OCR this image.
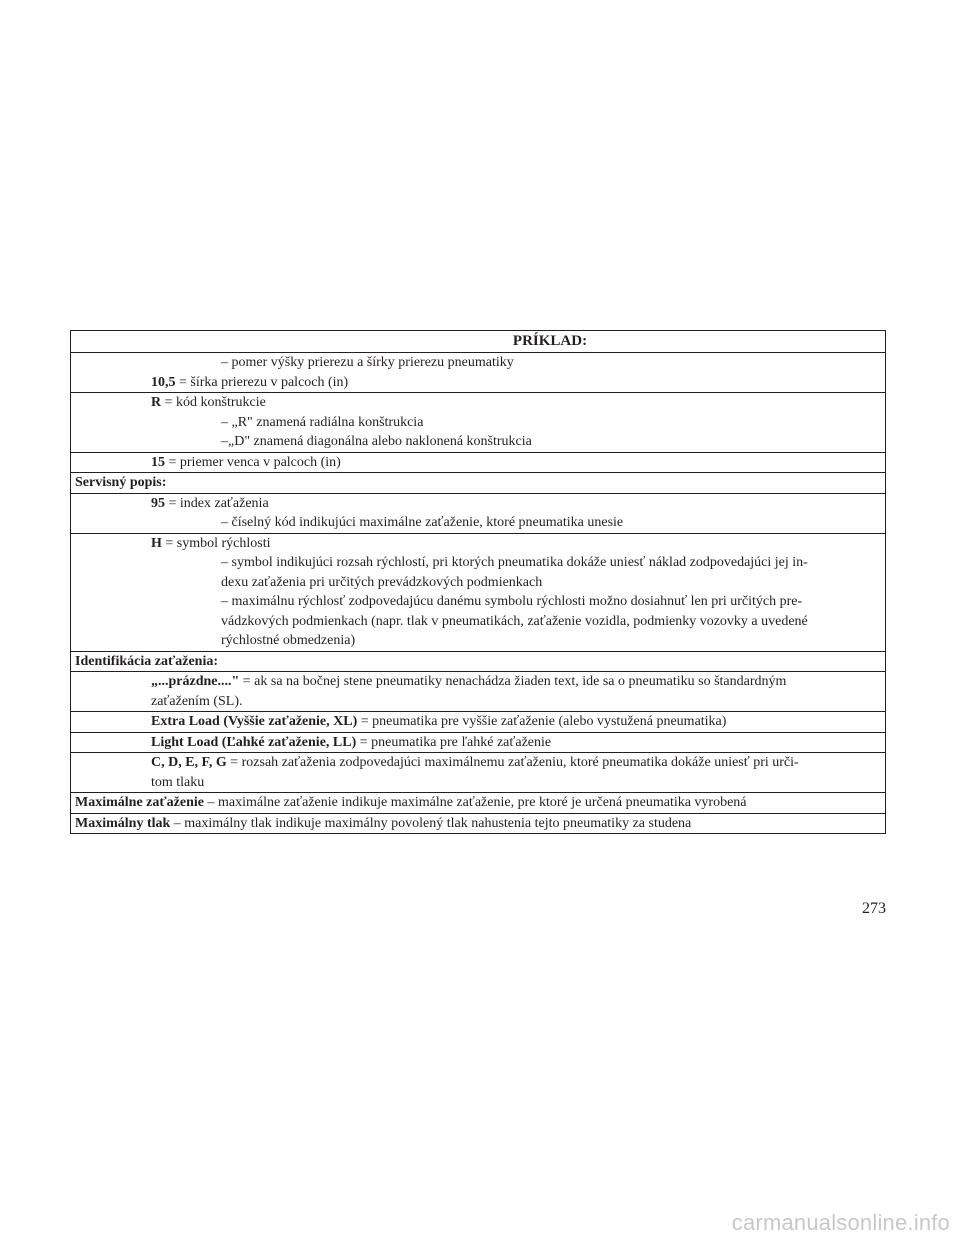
PRÍKLAD:
– pomer výšky prierezu a šírky prierezu pneumatiky
10,5 = šírka prierezu v palcoch (in)
R = kód konštrukcie
– „R" znamená radiálna konštrukcia
–„D" znamená diagonálna alebo naklonená konštrukcia
15 = priemer venca v palcoch (in)
Servisný popis:
95 = index zaťaženia
– číselný kód indikujúci maximálne zaťaženie, ktoré pneumatika unesie
H = symbol rýchlosti
– symbol indikujúci rozsah rýchlostí, pri ktorých pneumatika dokáže uniesť náklad zodpovedajúci jej in-
dexu zaťaženia pri určitých prevádzkových podmienkach
– maximálnu rýchlosť zodpovedajúcu danému symbolu rýchlosti možno dosiahnuť len pri určitých pre-
vádzkových podmienkach (napr. tlak v pneumatikách, zaťaženie vozidla, podmienky vozovky a uvedené
rýchlostné obmedzenia)
Identifikácia zaťaženia:
„...prázdne...." = ak sa na bočnej stene pneumatiky nenachádza žiaden text, ide sa o pneumatiku so štandardným
zaťažením (SL).
Extra Load (Vyššie zaťaženie, XL) = pneumatika pre vyššie zaťaženie (alebo vystužená pneumatika)
Light Load (Ľahké zaťaženie, LL) = pneumatika pre ľahké zaťaženie
C, D, E, F, G = rozsah zaťaženia zodpovedajúci maximálnemu zaťaženiu, ktoré pneumatika dokáže uniesť pri urči-
tom tlaku
Maximálne zaťaženie – maximálne zaťaženie indikuje maximálne zaťaženie, pre ktoré je určená pneumatika vyrobená
Maximálny tlak – maximálny tlak indikuje maximálny povolený tlak nahustenia tejto pneumatiky za studena
273
carmanualsonline.info
